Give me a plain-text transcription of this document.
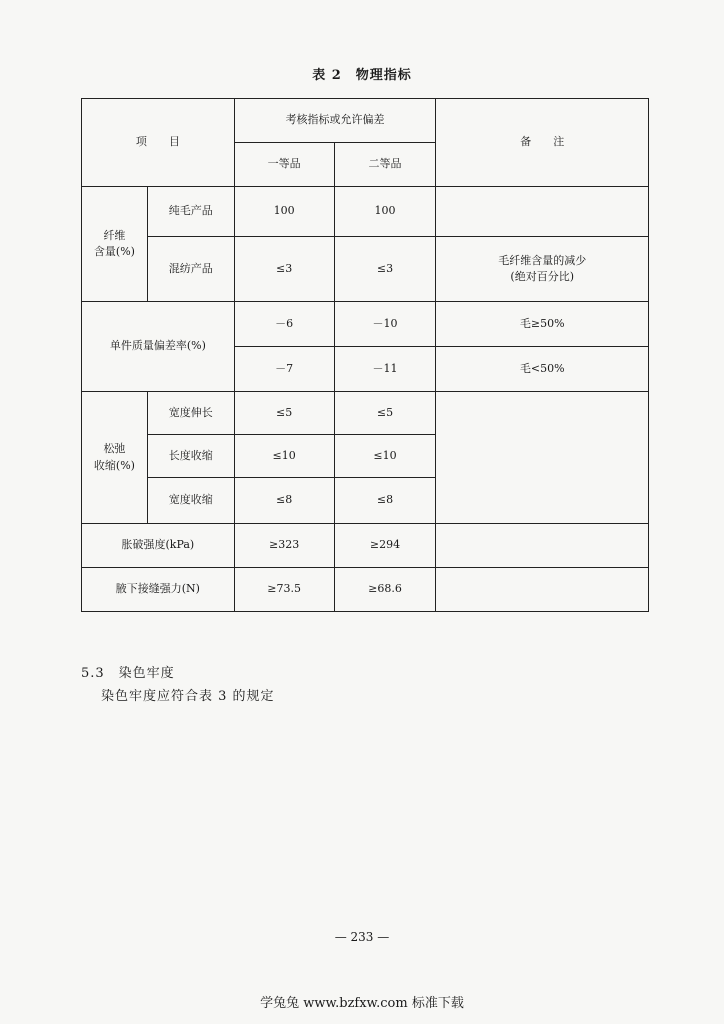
表 2　物理指标
项　　目		考核指标或允许偏差		备　　注
		一等品	二等品	
纤维
含量(%)	纯毛产品	100	100	
	混纺产品	≤3	≤3	毛纤维含量的减少
(绝对百分比)
单件质量偏差率(%)		－6	－10	毛≥50%
		－7	－11	毛<50%
松弛
收缩(%)	宽度伸长	≤5	≤5	
	长度收缩	≤10	≤10	
	宽度收缩	≤8	≤8	
胀破强度(kPa)		≥323	≥294	
腋下接缝强力(N)		≥73.5	≥68.6	
5.3　染色牢度
染色牢度应符合表 3 的规定
— 233 —
学兔兔 www.bzfxw.com 标准下载
